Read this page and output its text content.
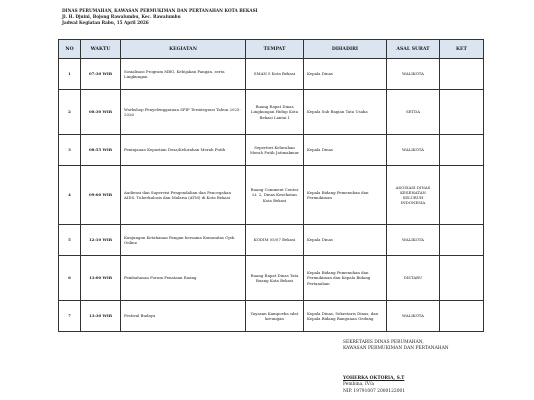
DINAS PERUMAHAN, KAWASAN PERMUKIMAN DAN PERTANAHAN KOTA BEKASI
Jl. H. Djuini, Bojong Rawalumbu, Kec. Rawalumbu
Jadwal Kegiatan Rabu, 15 April 2026
NO	WAKTU	KEGIATAN	TEMPAT	DIHADIRI	ASAL SURAT	KET
1	07:30 WIB	Sosialisasi Program MBG, Kebijakan Pangan, serta Lingkungan	SMAN 5 Kota Bekasi	Kepala Dinas	WALIKOTA	
2	08:30 WIB	Workshop Penyelenggaraan SPIP Terintegrasi Tahun 2025-2026	Ruang Rapat Dinas Lingkungan Hidup Kota Bekasi Lantai I	Kepala Sub Bagian Tata Usaha	SETDA	
3	08:55 WIB	Peninjauan Kepastian Desa/Kelurahan Merah Putih	Sepertiwi Kelurahan Merah Putih Jatimakmur	Kepala Dinas	WALIKOTA	
4	09:00 WIB	Audiensi dan Supervisi Pengendalian dan Pencegahan AIDS, Tuberkulosis dan Malaria (ATM) di Kota Bekasi	Ruang Comment Center Lt. 2, Dinas Kesehatan Kota Bekasi	Kepala Bidang Pemenuhan dan Permukiman	ASOSIASI DINAS KESEHATAN SELURUH INDONESIA	
5	12:10 WIB	Kunjungan Ketahanan Pangan bersama Komunitas Ojek Online	KODIM 05/07 Bekasi	Kepala Dinas	WALIKOTA	
6	13:00 WIB	Pembahasan Forum Penataan Ruang	Ruang Rapat Dinas Tata Ruang Kota Bekasi	Kepala Bidang Pemenuhan dan Permukiman dan Kepala Bidang Pertanahan	DISTARU	
7	13:30 WIB	Festival Budaya	Yayasan Kampoeba sdat kreungan	Kepala Dinas, Sekretaris Dinas, dan Kepala Bidang Bangunan Gedung	WALIKOTA	
SEKRETARIS DINAS PERUMAHAN,
KAWASAN PERMUKIMAN DAN PERTANAHAN
YOHERKA OKTORIA, S.T
Pembina, IV/a
NIP. 19791007 2000122001
